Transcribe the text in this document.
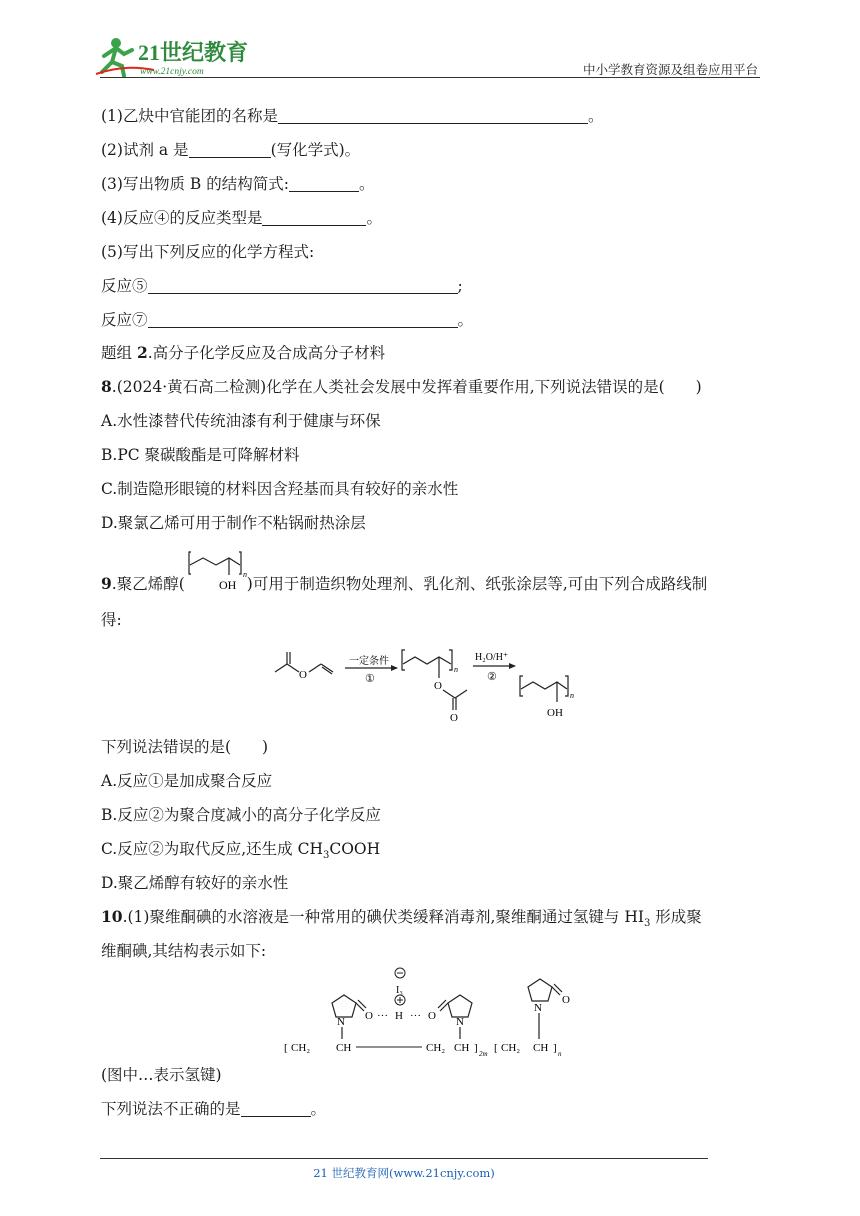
21世纪教育
www.21cnjy.com	中小学教育资源及组卷应用平台
(1)乙炔中官能团的名称是	。
(2)试剂 a 是	(写化学式)。
(3)写出物质 B 的结构简式:	。
(4)反应④的反应类型是	。
(5)写出下列反应的化学方程式:
反应⑤	;
反应⑦	。
题组 2.高分子化学反应及合成高分子材料
8.(2024·黄石高二检测)化学在人类社会发展中发挥着重要作用,下列说法错误的是(　　)
A.水性漆替代传统油漆有利于健康与环保
B.PC 聚碳酸酯是可降解材料
C.制造隐形眼镜的材料因含羟基而具有较好的亲水性
D.聚氯乙烯可用于制作不粘锅耐热涂层
9.聚乙烯醇(	)可用于制造织物处理剂、乳化剂、纸张涂层等,可由下列合成路线制
n
OH
得:
O
一定条件
①
n
O
O
H₂O/H⁺
②
n
OH
下列说法错误的是(　　)
A.反应①是加成聚合反应
B.反应②为聚合度减小的高分子化学反应
C.反应②为取代反应,还生成 $CH_3COOH$
D.聚乙烯醇有较好的亲水性
10.(1)聚维酮碘的水溶液是一种常用的碘伏类缓释消毒剂,聚维酮通过氢键与 $HI_3$ 形成聚
维酮碘,其结构表示如下:
I₃
O
N	··· H ··· O N
O
N
[ CH₂ CH	CH₂ CH ] 2m [ CH₂ CH ] n
(图中…表示氢键)
下列说法不正确的是	。
21 世纪教育网(www.21cnjy.com)
